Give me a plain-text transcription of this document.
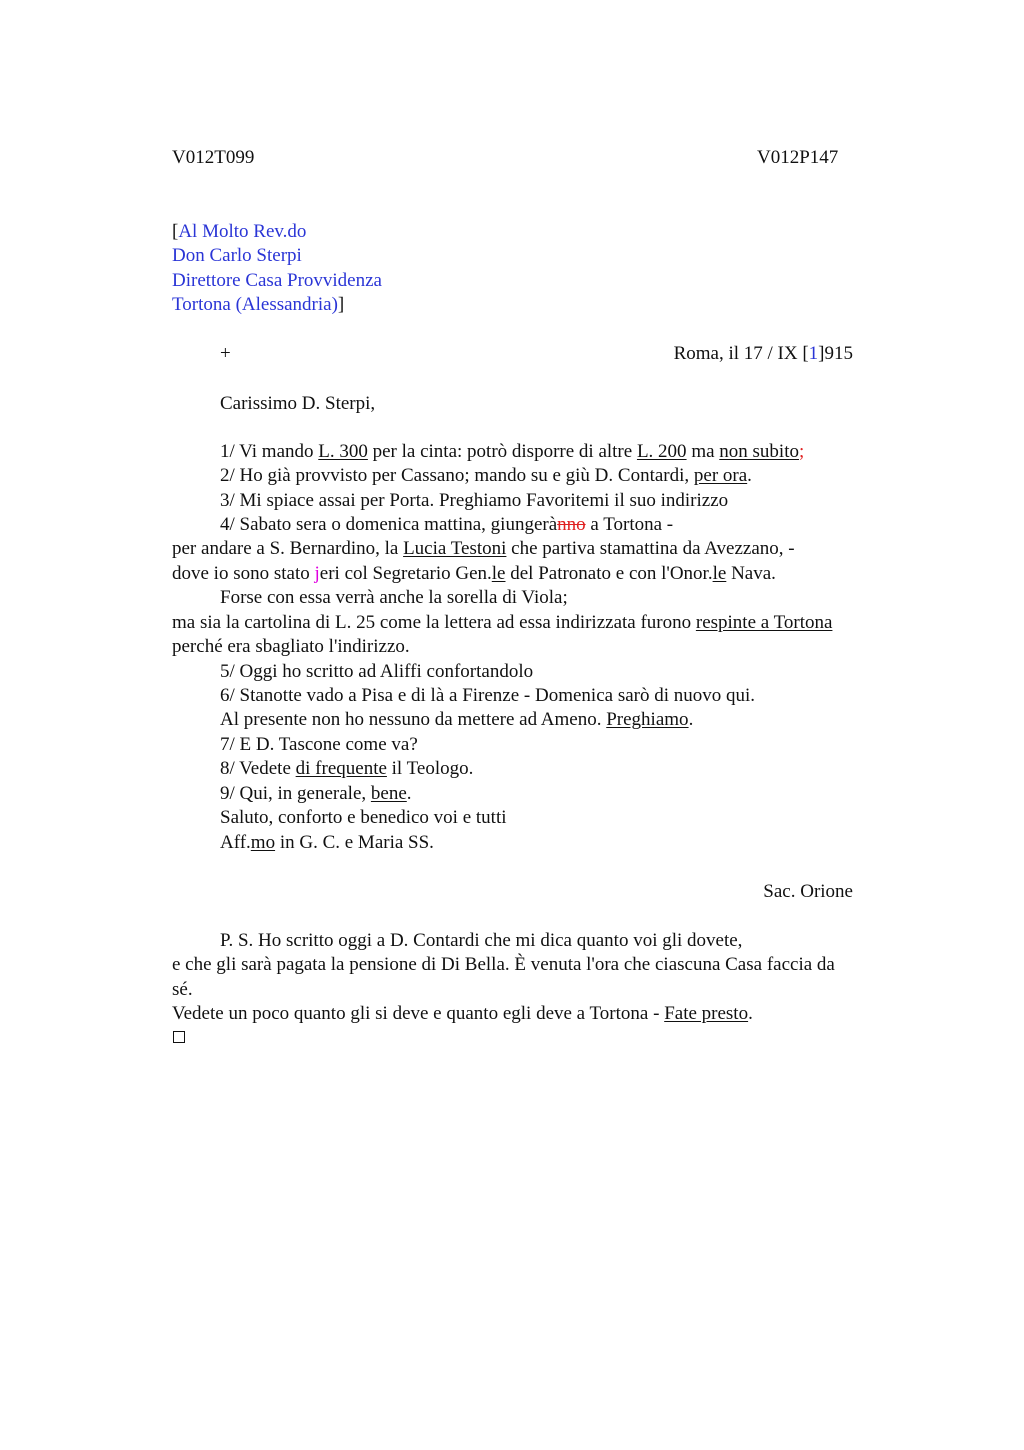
V012T099	V012P147
[Al Molto Rev.do
Don Carlo Sterpi
Direttore Casa Provvidenza
Tortona (Alessandria)]
+	Roma, il 17 / IX [1]915
Carissimo D. Sterpi,
1/ Vi mando L. 300 per la cinta: potrò disporre di altre L. 200 ma non subito;
2/ Ho già provvisto per Cassano; mando su e giù D. Contardi, per ora.
3/ Mi spiace assai per Porta. Preghiamo Favoritemi il suo indirizzo
4/ Sabato sera o domenica mattina, giungerànno a Tortona -
per andare a S. Bernardino, la Lucia Testoni che partiva stamattina da Avezzano, -
dove io sono stato jeri col Segretario Gen.le del Patronato e con l'Onor.le Nava.
Forse con essa verrà anche la sorella di Viola;
ma sia la cartolina di L. 25 come la lettera ad essa indirizzata furono respinte a Tortona
perché era sbagliato l'indirizzo.
5/ Oggi ho scritto ad Aliffi confortandolo
6/ Stanotte vado a Pisa e di là a Firenze - Domenica sarò di nuovo qui.
Al presente non ho nessuno da mettere ad Ameno. Preghiamo.
7/ E D. Tascone come va?
8/ Vedete di frequente il Teologo.
9/ Qui, in generale, bene.
Saluto, conforto e benedico voi e tutti
Aff.mo in G. C. e Maria SS.
Sac. Orione
P. S. Ho scritto oggi a D. Contardi che mi dica quanto voi gli dovete,
e che gli sarà pagata la pensione di Di Bella. È venuta l'ora che ciascuna Casa faccia da
sé.
Vedete un poco quanto gli si deve e quanto egli deve a Tortona - Fate presto.
